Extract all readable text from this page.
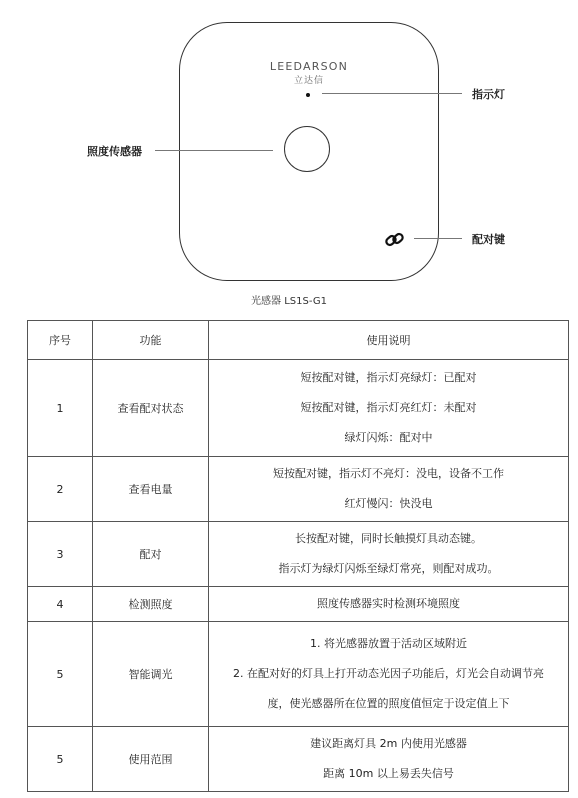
LEEDARSON
立达信
指示灯
照度传感器
配对键
光感器 LS1S-G1
序号	功能	使用说明
1	查看配对状态	短按配对键，指示灯亮绿灯：已配对
短按配对键，指示灯亮红灯：未配对
绿灯闪烁：配对中

2	查看电量	短按配对键，指示灯不亮灯：没电，设备不工作
红灯慢闪：快没电

3	配对	长按配对键，同时长触摸灯具动态键。
指示灯为绿灯闪烁至绿灯常亮，则配对成功。

4	检测照度	照度传感器实时检测环境照度

5	智能调光	1. 将光感器放置于活动区域附近
2. 在配对好的灯具上打开动态光因子功能后，灯光会自动调节亮
度，使光感器所在位置的照度值恒定于设定值上下

5	使用范围	建议距离灯具 2m 内使用光感器
距离 10m 以上易丢失信号
